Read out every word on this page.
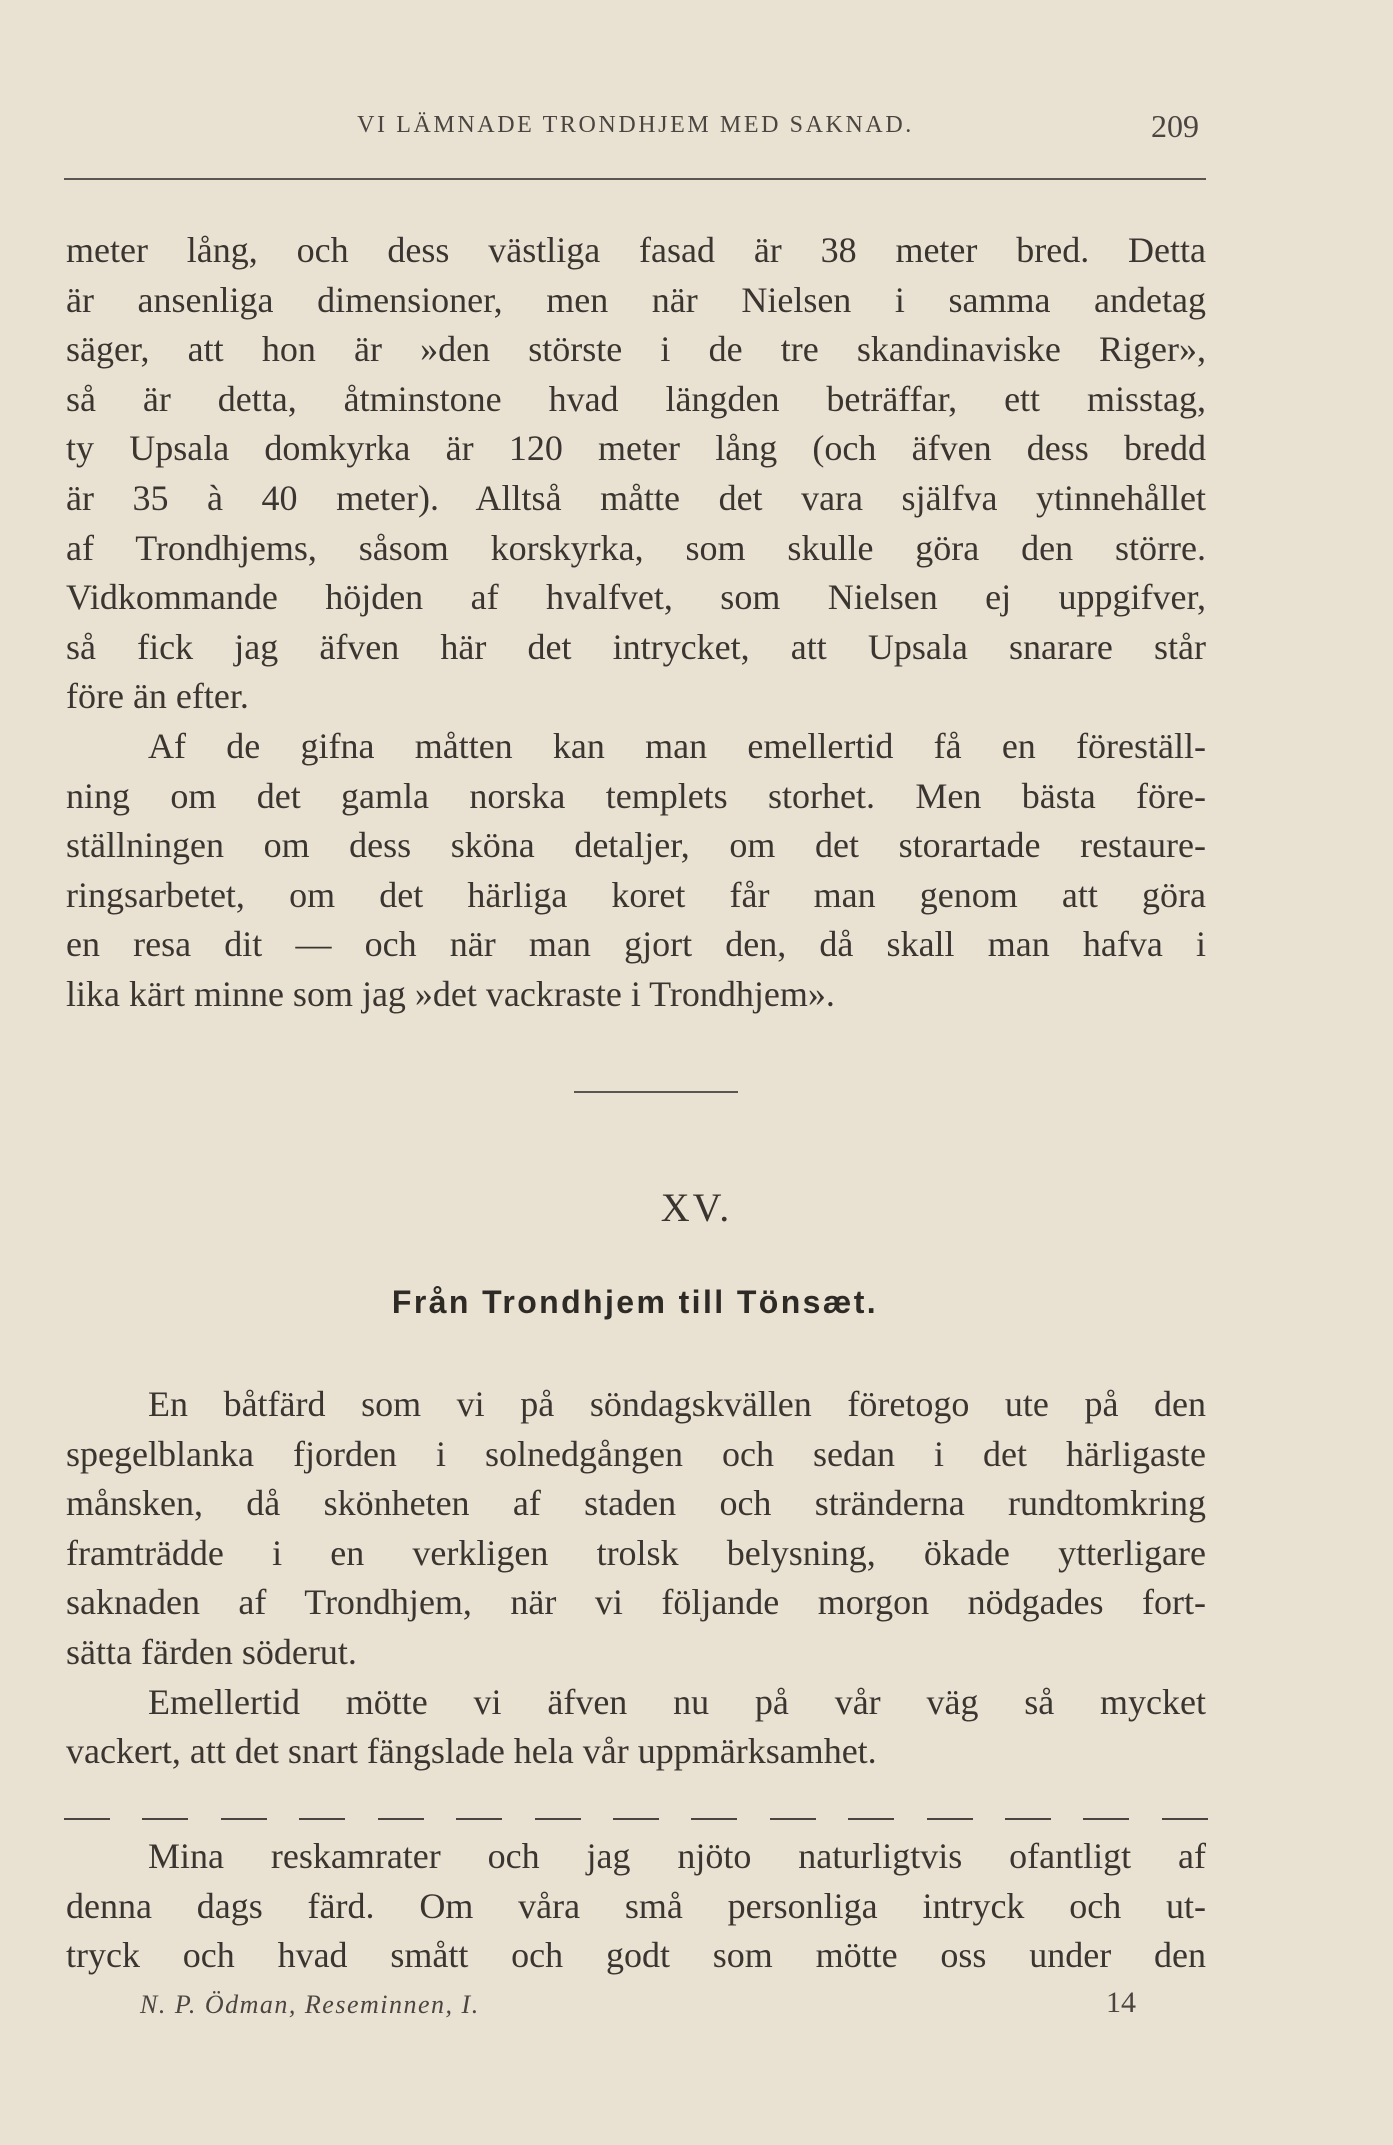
VI LÄMNADE TRONDHJEM MED SAKNAD.	209

meter lång, och dess västliga fasad är 38 meter bred. Detta
är ansenliga dimensioner, men när Nielsen i samma andetag
säger, att hon är »den störste i de tre skandinaviske Riger»,
så är detta, åtminstone hvad längden beträffar, ett misstag,
ty Upsala domkyrka är 120 meter lång (och äfven dess bredd
är 35 à 40 meter). Alltså måtte det vara själfva ytinnehållet
af Trondhjems, såsom korskyrka, som skulle göra den större.
Vidkommande höjden af hvalfvet, som Nielsen ej uppgifver,
så fick jag äfven här det intrycket, att Upsala snarare står
före än efter.

Af de gifna måtten kan man emellertid få en föreställ-
ning om det gamla norska templets storhet. Men bästa före-
ställningen om dess sköna detaljer, om det storartade restaure-
ringsarbetet, om det härliga koret får man genom att göra
en resa dit — och när man gjort den, då skall man hafva i
lika kärt minne som jag »det vackraste i Trondhjem».

XV.
Från Trondhjem till Tönsæt.

En båtfärd som vi på söndagskvällen företogo ute på den
spegelblanka fjorden i solnedgången och sedan i det härligaste
månsken, då skönheten af staden och stränderna rundtomkring
framträdde i en verkligen trolsk belysning, ökade ytterligare
saknaden af Trondhjem, när vi följande morgon nödgades fort-
sätta färden söderut.

Emellertid mötte vi äfven nu på vår väg så mycket
vackert, att det snart fängslade hela vår uppmärksamhet.

Mina reskamrater och jag njöto naturligtvis ofantligt af
denna dags färd. Om våra små personliga intryck och ut-
tryck och hvad smått och godt som mötte oss under den

N. P. Ödman, Reseminnen, I.	14
